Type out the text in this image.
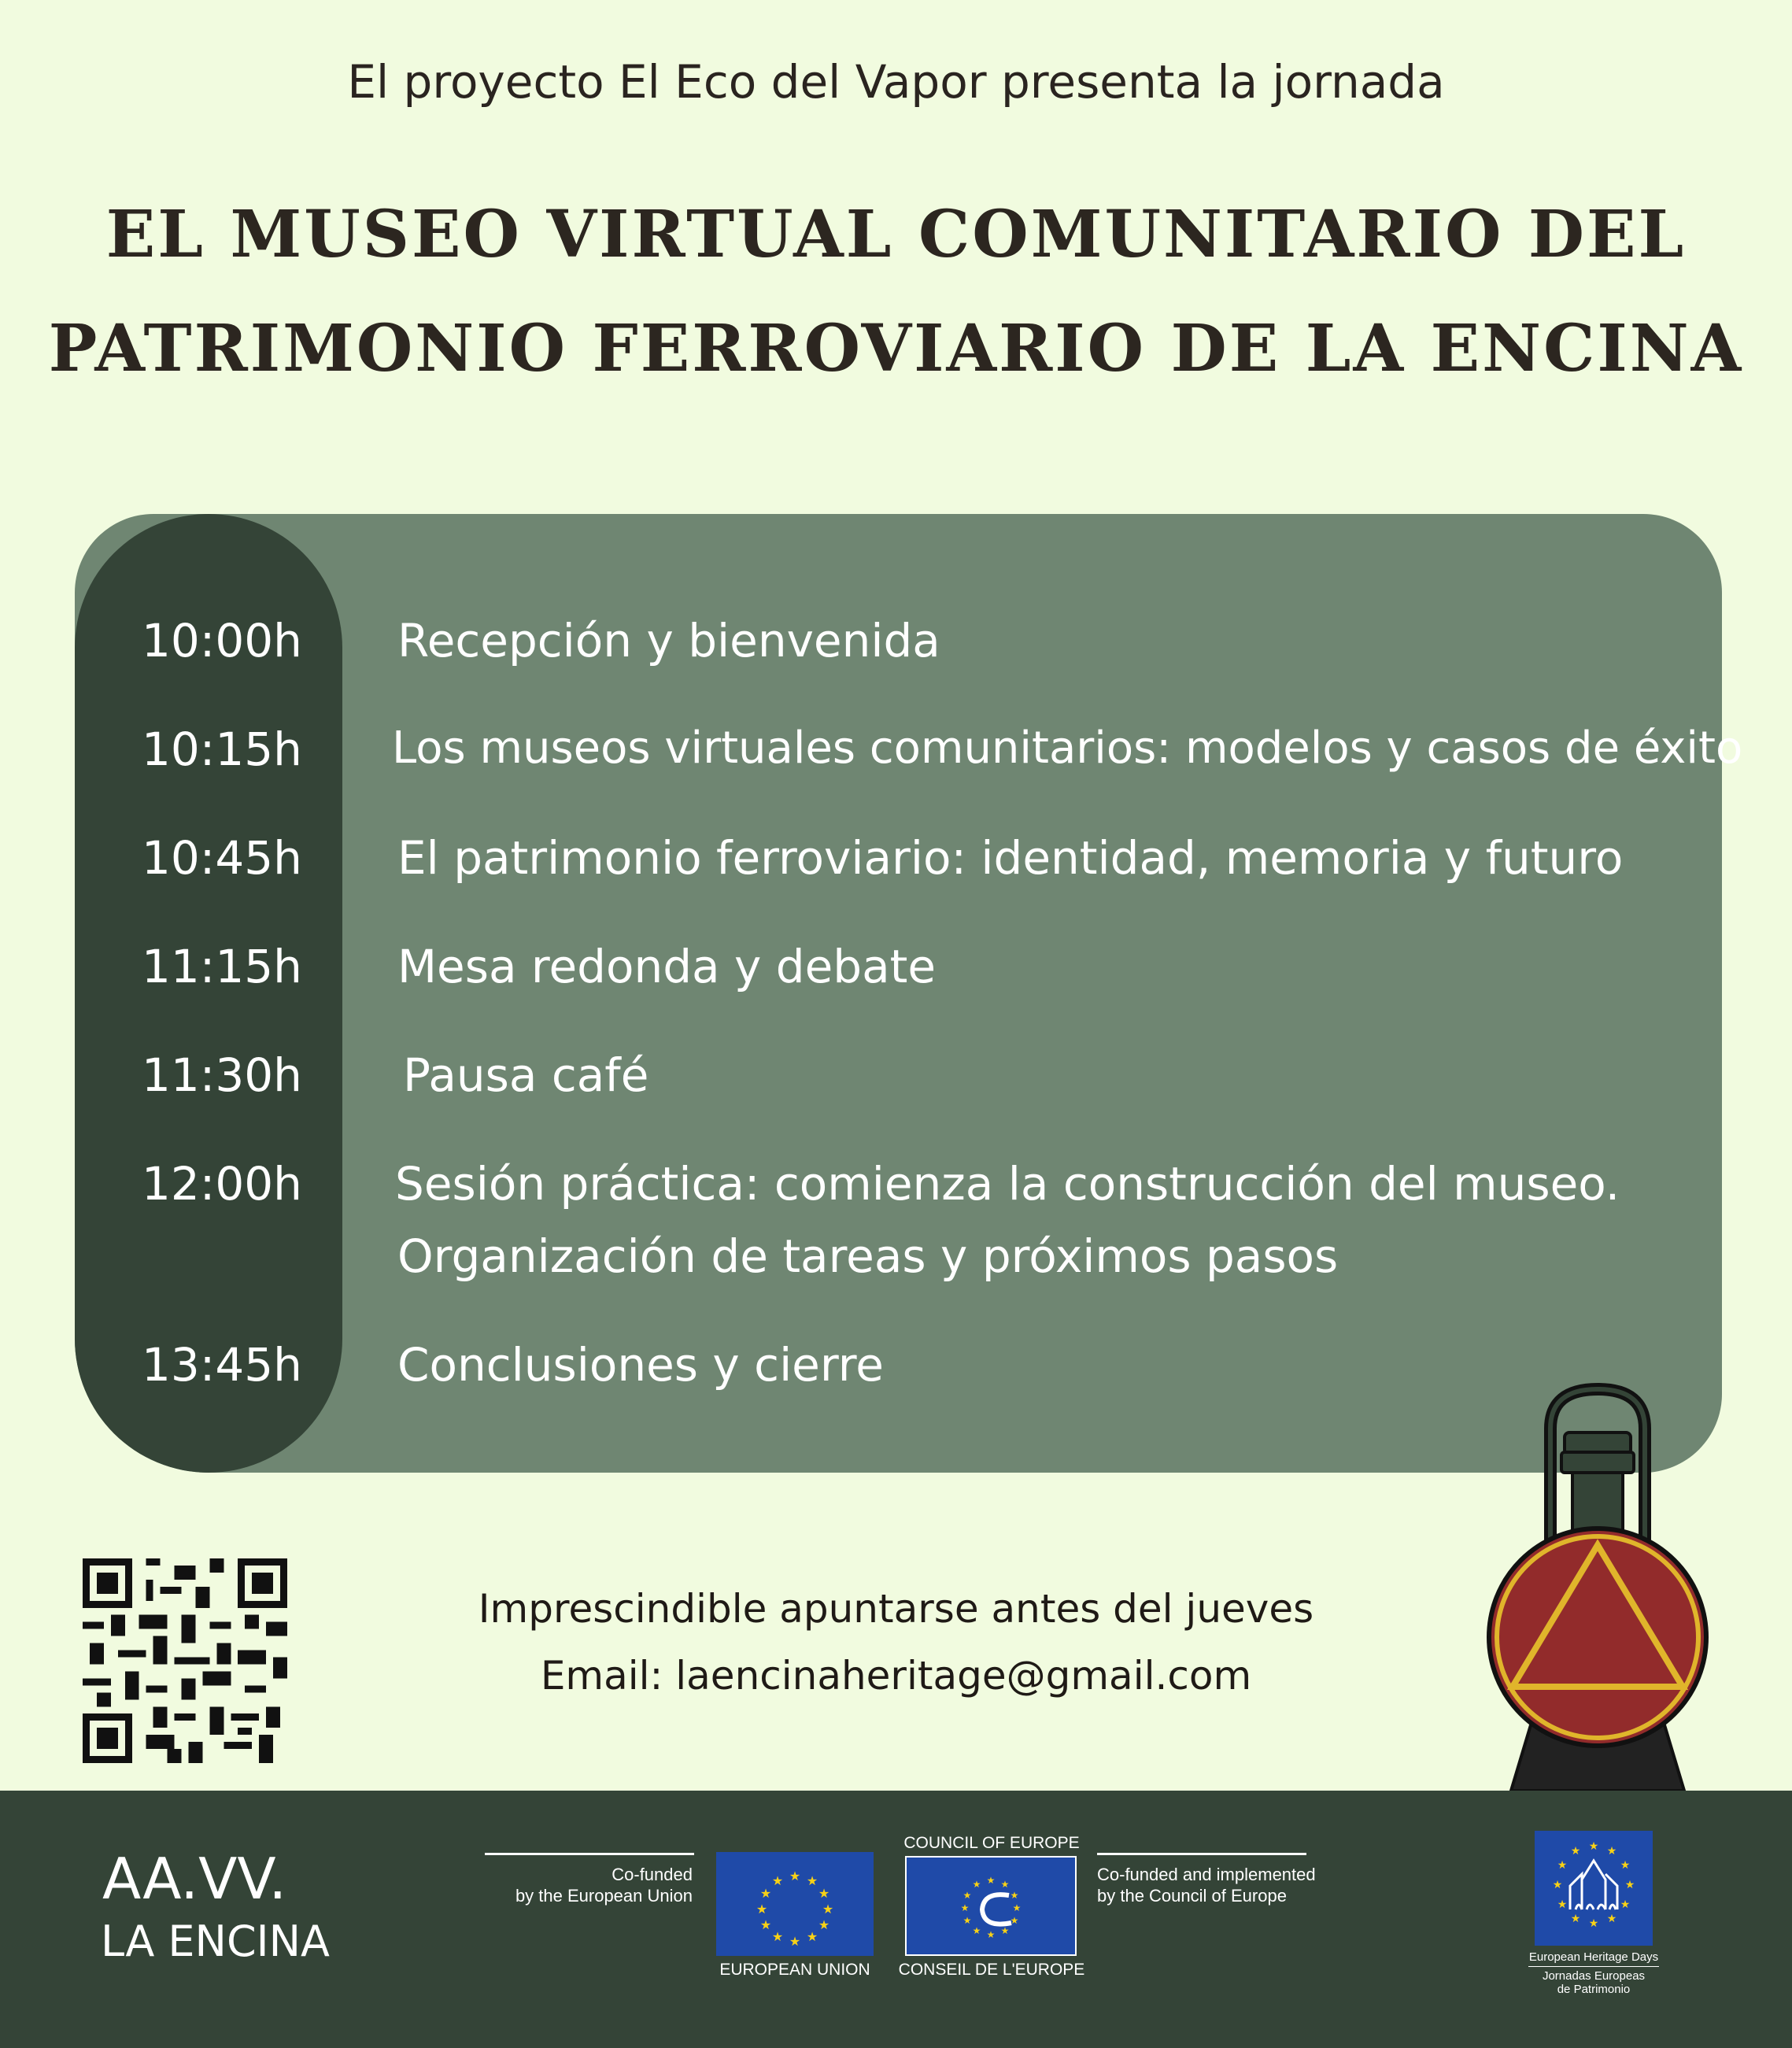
El proyecto El Eco del Vapor presenta la jornada
EL MUSEO VIRTUAL COMUNITARIO DEL
PATRIMONIO FERROVIARIO DE LA ENCINA
10:00h Recepción y bienvenida
10:15h Los museos virtuales comunitarios: modelos y casos de éxito
10:45h El patrimonio ferroviario: identidad, memoria y futuro
11:15h Mesa redonda y debate
11:30h Pausa café
12:00h Sesión práctica: comienza la construcción del museo.
Organización de tareas y próximos pasos
13:45h Conclusiones y cierre
Imprescindible apuntarse antes del jueves
Email: laencinaheritage@gmail.com
AA.VV.
LA ENCINA
Co-funded
by the European Union
★ ★
★
★
★
★
★
★
★
★
★
★
EUROPEAN UNION
COUNCIL OF EUROPE
★ ★
★
★
★
★
★
★
★
★
★
★
CONSEIL DE L'EUROPE
Co-funded and implemented
by the Council of Europe
★ ★
★
★
★
★
★
★
★
★
★
★
European Heritage Days
Jornadas Europeas
de Patrimonio
